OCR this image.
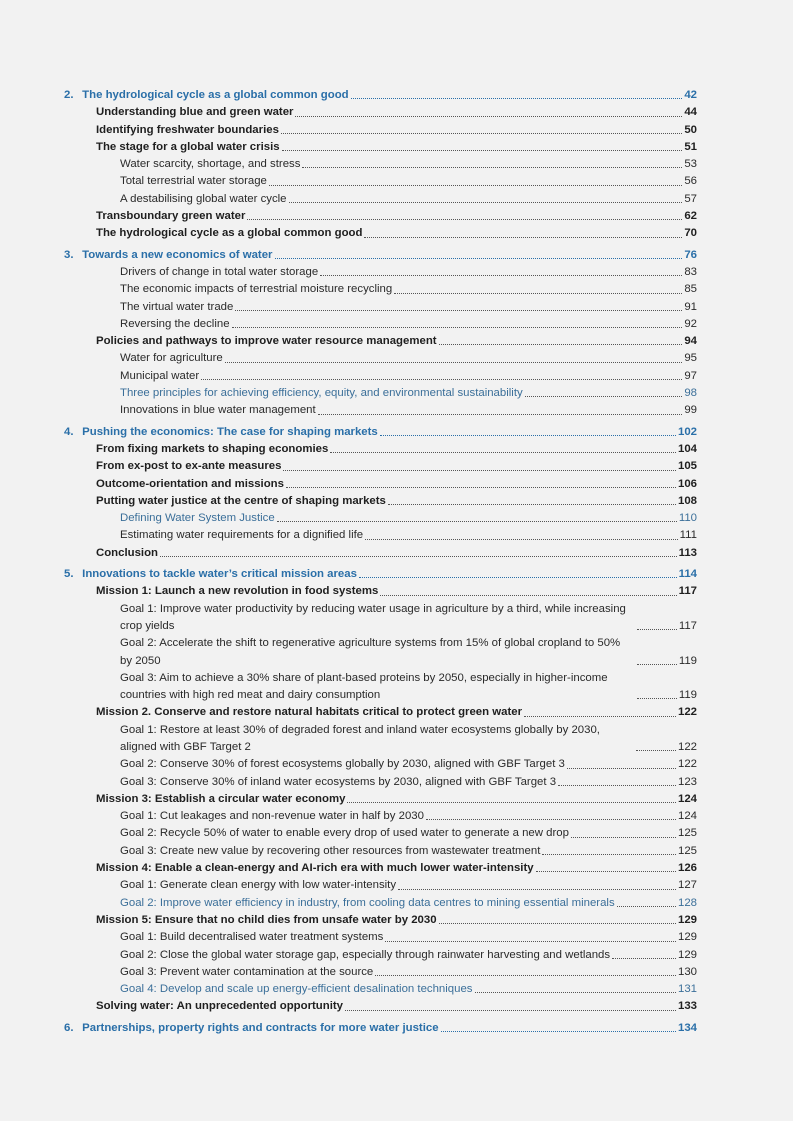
2. The hydrological cycle as a global common good	42
Understanding blue and green water	44
Identifying freshwater boundaries	50
The stage for a global water crisis	51
Water scarcity, shortage, and stress	53
Total terrestrial water storage	56
A destabilising global water cycle	57
Transboundary green water	62
The hydrological cycle as a global common good	70
3. Towards a new economics of water	76
Drivers of change in total water storage	83
The economic impacts of terrestrial moisture recycling	85
The virtual water trade	91
Reversing the decline	92
Policies and pathways to improve water resource management	94
Water for agriculture	95
Municipal water	97
Three principles for achieving efficiency, equity, and environmental sustainability	98
Innovations in blue water management	99
4. Pushing the economics: The case for shaping markets	102
From fixing markets to shaping economies	104
From ex-post to ex-ante measures	105
Outcome-orientation and missions	106
Putting water justice at the centre of shaping markets	108
Defining Water System Justice	110
Estimating water requirements for a dignified life	111
Conclusion	113
5. Innovations to tackle water’s critical mission areas	114
Mission 1: Launch a new revolution in food systems	117
Goal 1: Improve water productivity by reducing water usage in agriculture by a third, while increasing crop yields	117
Goal 2: Accelerate the shift to regenerative agriculture systems from 15% of global cropland to 50% by 2050	119
Goal 3: Aim to achieve a 30% share of plant-based proteins by 2050, especially in higher-income countries with high red meat and dairy consumption	119
Mission 2. Conserve and restore natural habitats critical to protect green water	122
Goal 1: Restore at least 30% of degraded forest and inland water ecosystems globally by 2030, aligned with GBF Target 2	122
Goal 2: Conserve 30% of forest ecosystems globally by 2030, aligned with GBF Target 3	122
Goal 3: Conserve 30% of inland water ecosystems by 2030, aligned with GBF Target 3	123
Mission 3: Establish a circular water economy	124
Goal 1: Cut leakages and non-revenue water in half by 2030	124
Goal 2: Recycle 50% of water to enable every drop of used water to generate a new drop	125
Goal 3: Create new value by recovering other resources from wastewater treatment	125
Mission 4: Enable a clean-energy and AI-rich era with much lower water-intensity	126
Goal 1: Generate clean energy with low water-intensity	127
Goal 2: Improve water efficiency in industry, from cooling data centres to mining essential minerals	128
Mission 5: Ensure that no child dies from unsafe water by 2030	129
Goal 1: Build decentralised water treatment systems	129
Goal 2: Close the global water storage gap, especially through rainwater harvesting and wetlands	129
Goal 3: Prevent water contamination at the source	130
Goal 4: Develop and scale up energy-efficient desalination techniques	131
Solving water: An unprecedented opportunity	133
6. Partnerships, property rights and contracts for more water justice	134
